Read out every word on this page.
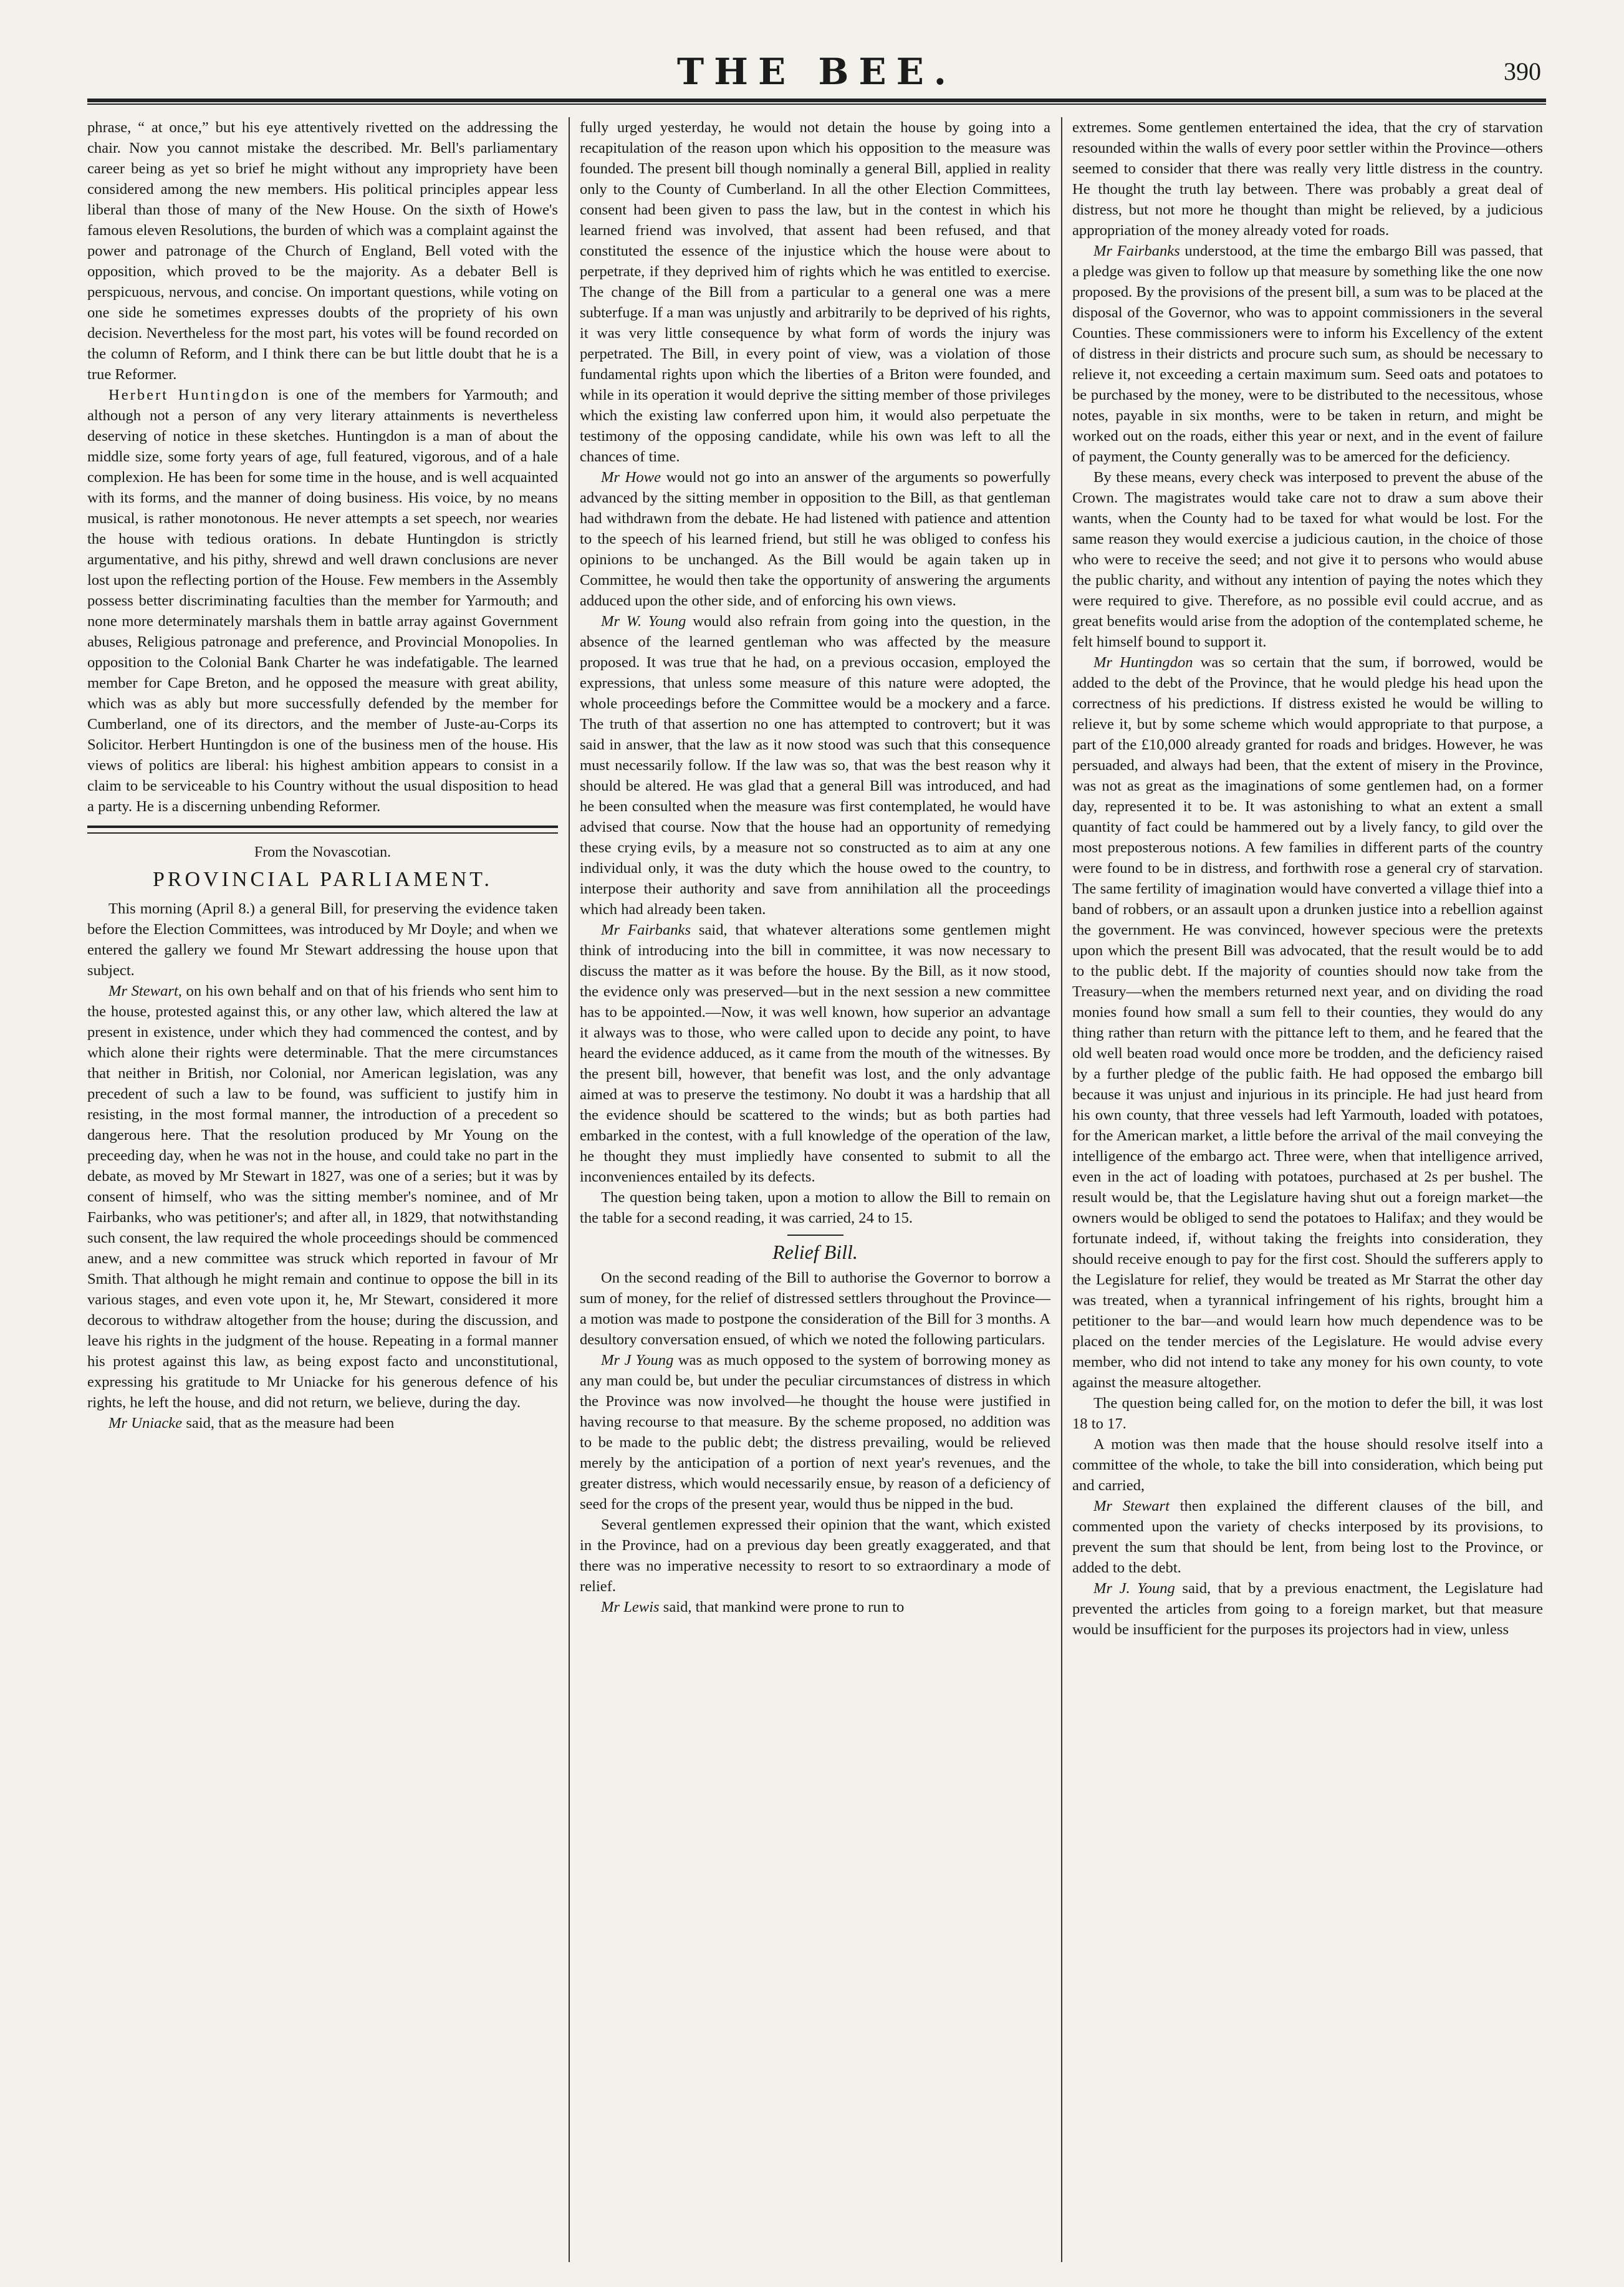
THE BEE.	390

phrase, “ at once,” but his eye attentively rivetted on the addressing the chair. Now you cannot mistake the described. Mr. Bell's parliamentary career being as yet so brief he might without any impropriety have been considered among the new members. His political principles appear less liberal than those of many of the New House. On the sixth of Howe's famous eleven Resolutions, the burden of which was a complaint against the power and patronage of the Church of England, Bell voted with the opposition, which proved to be the majority. As a debater Bell is perspicuous, nervous, and concise. On important questions, while voting on one side he sometimes expresses doubts of the propriety of his own decision. Nevertheless for the most part, his votes will be found recorded on the column of Reform, and I think there can be but little doubt that he is a true Reformer.

Herbert Huntingdon is one of the members for Yarmouth; and although not a person of any very literary attainments is nevertheless deserving of notice in these sketches. Huntingdon is a man of about the middle size, some forty years of age, full featured, vigorous, and of a hale complexion. He has been for some time in the house, and is well acquainted with its forms, and the manner of doing business. His voice, by no means musical, is rather monotonous. He never attempts a set speech, nor wearies the house with tedious orations. In debate Huntingdon is strictly argumentative, and his pithy, shrewd and well drawn conclusions are never lost upon the reflecting portion of the House. Few members in the Assembly possess better discriminating faculties than the member for Yarmouth; and none more determinately marshals them in battle array against Government abuses, Religious patronage and preference, and Provincial Monopolies. In opposition to the Colonial Bank Charter he was indefatigable. The learned member for Cape Breton, and he opposed the measure with great ability, which was as ably but more successfully defended by the member for Cumberland, one of its directors, and the member of Juste-au-Corps its Solicitor. Herbert Huntingdon is one of the business men of the house. His views of politics are liberal: his highest ambition appears to consist in a claim to be serviceable to his Country without the usual disposition to head a party. He is a discerning unbending Reformer.

From the Novascotian.

PROVINCIAL PARLIAMENT.

This morning (April 8.) a general Bill, for preserving the evidence taken before the Election Committees, was introduced by Mr Doyle; and when we entered the gallery we found Mr Stewart addressing the house upon that subject.

Mr Stewart, on his own behalf and on that of his friends who sent him to the house, protested against this, or any other law, which altered the law at present in existence, under which they had commenced the contest, and by which alone their rights were determinable. That the mere circumstances that neither in British, nor Colonial, nor American legislation, was any precedent of such a law to be found, was sufficient to justify him in resisting, in the most formal manner, the introduction of a precedent so dangerous here. That the resolution produced by Mr Young on the preceeding day, when he was not in the house, and could take no part in the debate, as moved by Mr Stewart in 1827, was one of a series; but it was by consent of himself, who was the sitting member's nominee, and of Mr Fairbanks, who was petitioner's; and after all, in 1829, that notwithstanding such consent, the law required the whole proceedings should be commenced anew, and a new committee was struck which reported in favour of Mr Smith. That although he might remain and continue to oppose the bill in its various stages, and even vote upon it, he, Mr Stewart, considered it more decorous to withdraw altogether from the house; during the discussion, and leave his rights in the judgment of the house. Repeating in a formal manner his protest against this law, as being expost facto and unconstitutional, expressing his gratitude to Mr Uniacke for his generous defence of his rights, he left the house, and did not return, we believe, during the day.

Mr Uniacke said, that as the measure had been

fully urged yesterday, he would not detain the house by going into a recapitulation of the reason upon which his opposition to the measure was founded. The present bill though nominally a general Bill, applied in reality only to the County of Cumberland. In all the other Election Committees, consent had been given to pass the law, but in the contest in which his learned friend was involved, that assent had been refused, and that constituted the essence of the injustice which the house were about to perpetrate, if they deprived him of rights which he was entitled to exercise. The change of the Bill from a particular to a general one was a mere subterfuge. If a man was unjustly and arbitrarily to be deprived of his rights, it was very little consequence by what form of words the injury was perpetrated. The Bill, in every point of view, was a violation of those fundamental rights upon which the liberties of a Briton were founded, and while in its operation it would deprive the sitting member of those privileges which the existing law conferred upon him, it would also perpetuate the testimony of the opposing candidate, while his own was left to all the chances of time.

Mr Howe would not go into an answer of the arguments so powerfully advanced by the sitting member in opposition to the Bill, as that gentleman had withdrawn from the debate. He had listened with patience and attention to the speech of his learned friend, but still he was obliged to confess his opinions to be unchanged. As the Bill would be again taken up in Committee, he would then take the opportunity of answering the arguments adduced upon the other side, and of enforcing his own views.

Mr W. Young would also refrain from going into the question, in the absence of the learned gentleman who was affected by the measure proposed. It was true that he had, on a previous occasion, employed the expressions, that unless some measure of this nature were adopted, the whole proceedings before the Committee would be a mockery and a farce. The truth of that assertion no one has attempted to controvert; but it was said in answer, that the law as it now stood was such that this consequence must necessarily follow. If the law was so, that was the best reason why it should be altered. He was glad that a general Bill was introduced, and had he been consulted when the measure was first contemplated, he would have advised that course. Now that the house had an opportunity of remedying these crying evils, by a measure not so constructed as to aim at any one individual only, it was the duty which the house owed to the country, to interpose their authority and save from annihilation all the proceedings which had already been taken.

Mr Fairbanks said, that whatever alterations some gentlemen might think of introducing into the bill in committee, it was now necessary to discuss the matter as it was before the house. By the Bill, as it now stood, the evidence only was preserved—but in the next session a new committee has to be appointed.—Now, it was well known, how superior an advantage it always was to those, who were called upon to decide any point, to have heard the evidence adduced, as it came from the mouth of the witnesses. By the present bill, however, that benefit was lost, and the only advantage aimed at was to preserve the testimony. No doubt it was a hardship that all the evidence should be scattered to the winds; but as both parties had embarked in the contest, with a full knowledge of the operation of the law, he thought they must impliedly have consented to submit to all the inconveniences entailed by its defects.

The question being taken, upon a motion to allow the Bill to remain on the table for a second reading, it was carried, 24 to 15.

Relief Bill.

On the second reading of the Bill to authorise the Governor to borrow a sum of money, for the relief of distressed settlers throughout the Province—a motion was made to postpone the consideration of the Bill for 3 months. A desultory conversation ensued, of which we noted the following particulars.

Mr J Young was as much opposed to the system of borrowing money as any man could be, but under the peculiar circumstances of distress in which the Province was now involved—he thought the house were justified in having recourse to that measure. By the scheme proposed, no addition was to be made to the public debt; the distress prevailing, would be relieved merely by the anticipation of a portion of next year's revenues, and the greater distress, which would necessarily ensue, by reason of a deficiency of seed for the crops of the present year, would thus be nipped in the bud.

Several gentlemen expressed their opinion that the want, which existed in the Province, had on a previous day been greatly exaggerated, and that there was no imperative necessity to resort to so extraordinary a mode of relief.

Mr Lewis said, that mankind were prone to run to

extremes. Some gentlemen entertained the idea, that the cry of starvation resounded within the walls of every poor settler within the Province—others seemed to consider that there was really very little distress in the country. He thought the truth lay between. There was probably a great deal of distress, but not more he thought than might be relieved, by a judicious appropriation of the money already voted for roads.

Mr Fairbanks understood, at the time the embargo Bill was passed, that a pledge was given to follow up that measure by something like the one now proposed. By the provisions of the present bill, a sum was to be placed at the disposal of the Governor, who was to appoint commissioners in the several Counties. These commissioners were to inform his Excellency of the extent of distress in their districts and procure such sum, as should be necessary to relieve it, not exceeding a certain maximum sum. Seed oats and potatoes to be purchased by the money, were to be distributed to the necessitous, whose notes, payable in six months, were to be taken in return, and might be worked out on the roads, either this year or next, and in the event of failure of payment, the County generally was to be amerced for the deficiency.

By these means, every check was interposed to prevent the abuse of the Crown. The magistrates would take care not to draw a sum above their wants, when the County had to be taxed for what would be lost. For the same reason they would exercise a judicious caution, in the choice of those who were to receive the seed; and not give it to persons who would abuse the public charity, and without any intention of paying the notes which they were required to give. Therefore, as no possible evil could accrue, and as great benefits would arise from the adoption of the contemplated scheme, he felt himself bound to support it.

Mr Huntingdon was so certain that the sum, if borrowed, would be added to the debt of the Province, that he would pledge his head upon the correctness of his predictions. If distress existed he would be willing to relieve it, but by some scheme which would appropriate to that purpose, a part of the £10,000 already granted for roads and bridges. However, he was persuaded, and always had been, that the extent of misery in the Province, was not as great as the imaginations of some gentlemen had, on a former day, represented it to be. It was astonishing to what an extent a small quantity of fact could be hammered out by a lively fancy, to gild over the most preposterous notions. A few families in different parts of the country were found to be in distress, and forthwith rose a general cry of starvation. The same fertility of imagination would have converted a village thief into a band of robbers, or an assault upon a drunken justice into a rebellion against the government. He was convinced, however specious were the pretexts upon which the present Bill was advocated, that the result would be to add to the public debt. If the majority of counties should now take from the Treasury—when the members returned next year, and on dividing the road monies found how small a sum fell to their counties, they would do any thing rather than return with the pittance left to them, and he feared that the old well beaten road would once more be trodden, and the deficiency raised by a further pledge of the public faith. He had opposed the embargo bill because it was unjust and injurious in its principle. He had just heard from his own county, that three vessels had left Yarmouth, loaded with potatoes, for the American market, a little before the arrival of the mail conveying the intelligence of the embargo act. Three were, when that intelligence arrived, even in the act of loading with potatoes, purchased at 2s per bushel. The result would be, that the Legislature having shut out a foreign market—the owners would be obliged to send the potatoes to Halifax; and they would be fortunate indeed, if, without taking the freights into consideration, they should receive enough to pay for the first cost. Should the sufferers apply to the Legislature for relief, they would be treated as Mr Starrat the other day was treated, when a tyrannical infringement of his rights, brought him a petitioner to the bar—and would learn how much dependence was to be placed on the tender mercies of the Legislature. He would advise every member, who did not intend to take any money for his own county, to vote against the measure altogether.

The question being called for, on the motion to defer the bill, it was lost 18 to 17.

A motion was then made that the house should resolve itself into a committee of the whole, to take the bill into consideration, which being put and carried,

Mr Stewart then explained the different clauses of the bill, and commented upon the variety of checks interposed by its provisions, to prevent the sum that should be lent, from being lost to the Province, or added to the debt.

Mr J. Young said, that by a previous enactment, the Legislature had prevented the articles from going to a foreign market, but that measure would be insufficient for the purposes its projectors had in view, unless
